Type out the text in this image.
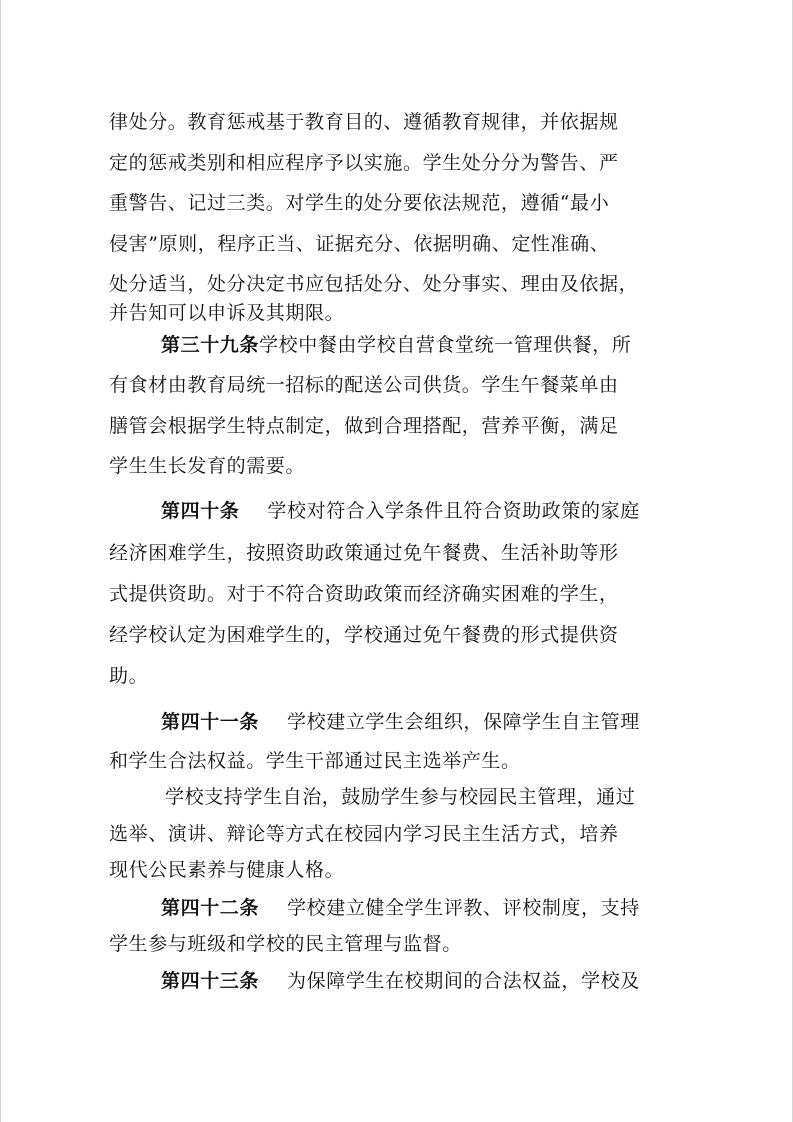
律处分。教育惩戒基于教育目的、遵循教育规律，并依据规
定的惩戒类别和相应程序予以实施。学生处分分为警告、严
重警告、记过三类。对学生的处分要依法规范，遵循“最小
侵害”原则，程序正当、证据充分、依据明确、定性准确、
处分适当，处分决定书应包括处分、处分事实、理由及依据，
并告知可以申诉及其期限。
第三十九条学校中餐由学校自营食堂统一管理供餐，所
有食材由教育局统一招标的配送公司供货。学生午餐菜单由
膳管会根据学生特点制定，做到合理搭配，营养平衡，满足
学生生长发育的需要。
第四十条 学校对符合入学条件且符合资助政策的家庭
经济困难学生，按照资助政策通过免午餐费、生活补助等形
式提供资助。对于不符合资助政策而经济确实困难的学生，
经学校认定为困难学生的，学校通过免午餐费的形式提供资
助。
第四十一条 学校建立学生会组织，保障学生自主管理
和学生合法权益。学生干部通过民主选举产生。
学校支持学生自治，鼓励学生参与校园民主管理，通过
选举、演讲、辩论等方式在校园内学习民主生活方式，培养
现代公民素养与健康人格。
第四十二条 学校建立健全学生评教、评校制度，支持
学生参与班级和学校的民主管理与监督。
第四十三条 为保障学生在校期间的合法权益，学校及
